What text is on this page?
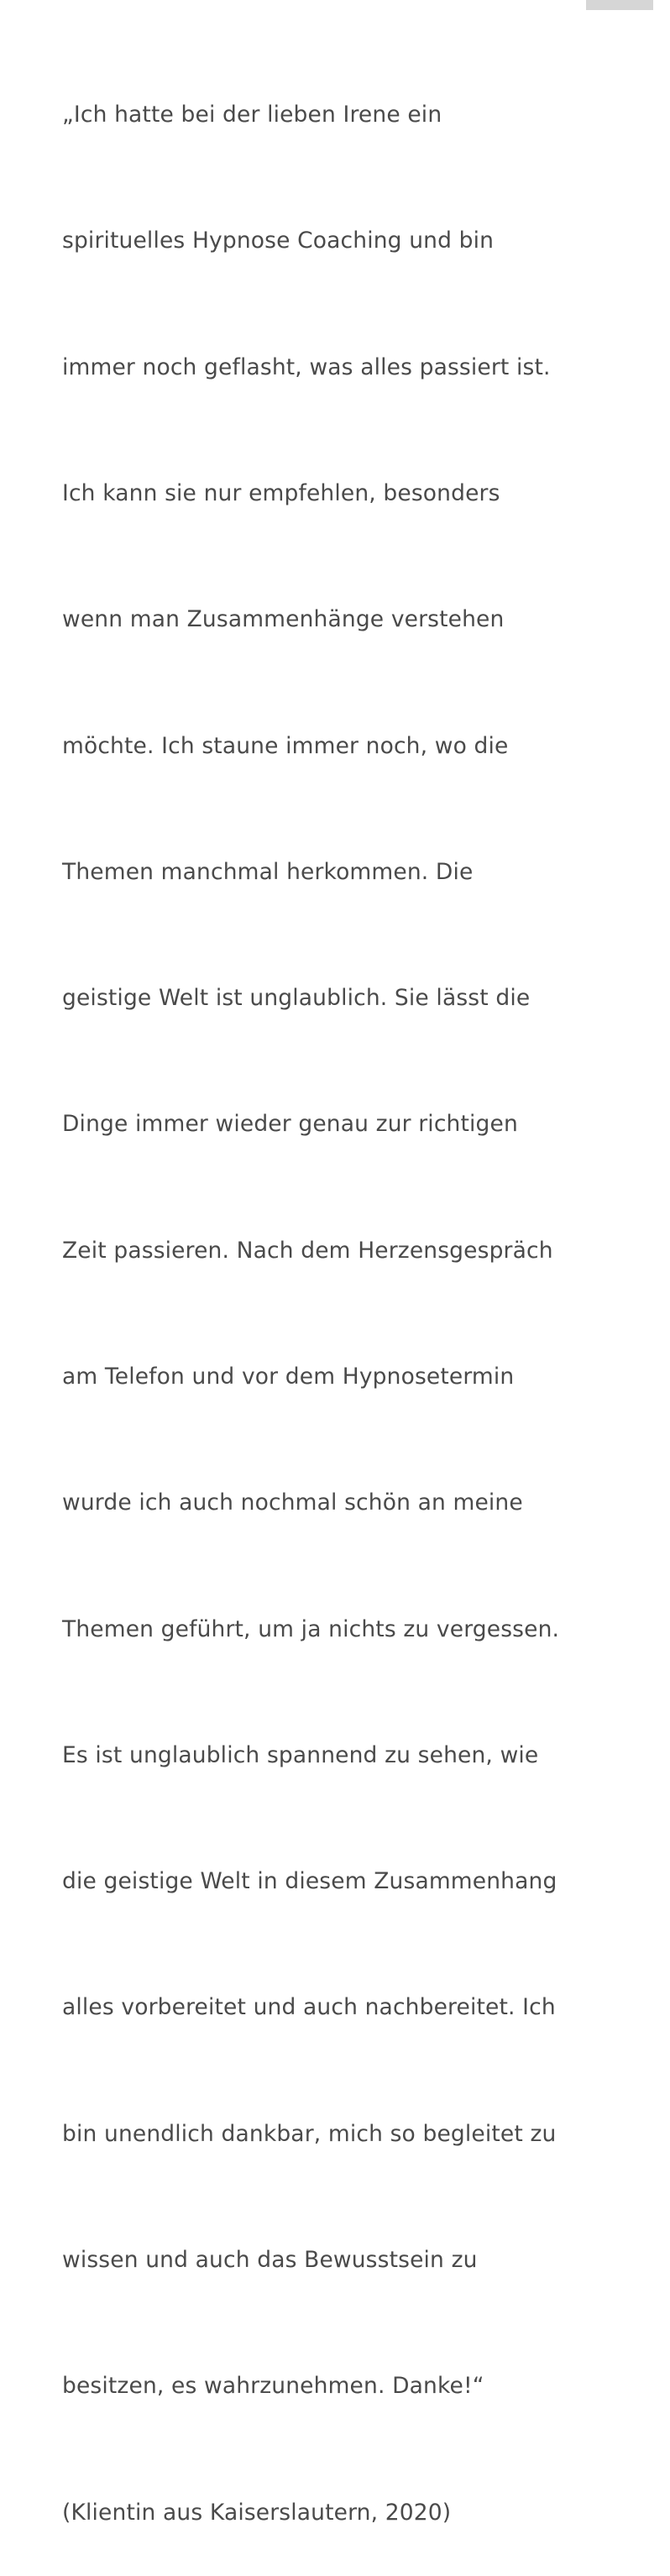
„Ich hatte bei der lieben Irene ein

spirituelles Hypnose Coaching und bin

immer noch geflasht, was alles passiert ist.

Ich kann sie nur empfehlen, besonders

wenn man Zusammenhänge verstehen

möchte. Ich staune immer noch, wo die

Themen manchmal herkommen. Die

geistige Welt ist unglaublich. Sie lässt die

Dinge immer wieder genau zur richtigen

Zeit passieren. Nach dem Herzensgespräch

am Telefon und vor dem Hypnosetermin

wurde ich auch nochmal schön an meine

Themen geführt, um ja nichts zu vergessen.

Es ist unglaublich spannend zu sehen, wie

die geistige Welt in diesem Zusammenhang

alles vorbereitet und auch nachbereitet. Ich

bin unendlich dankbar, mich so begleitet zu

wissen und auch das Bewusstsein zu

besitzen, es wahrzunehmen. Danke!“

(Klientin aus Kaiserslautern, 2020)
